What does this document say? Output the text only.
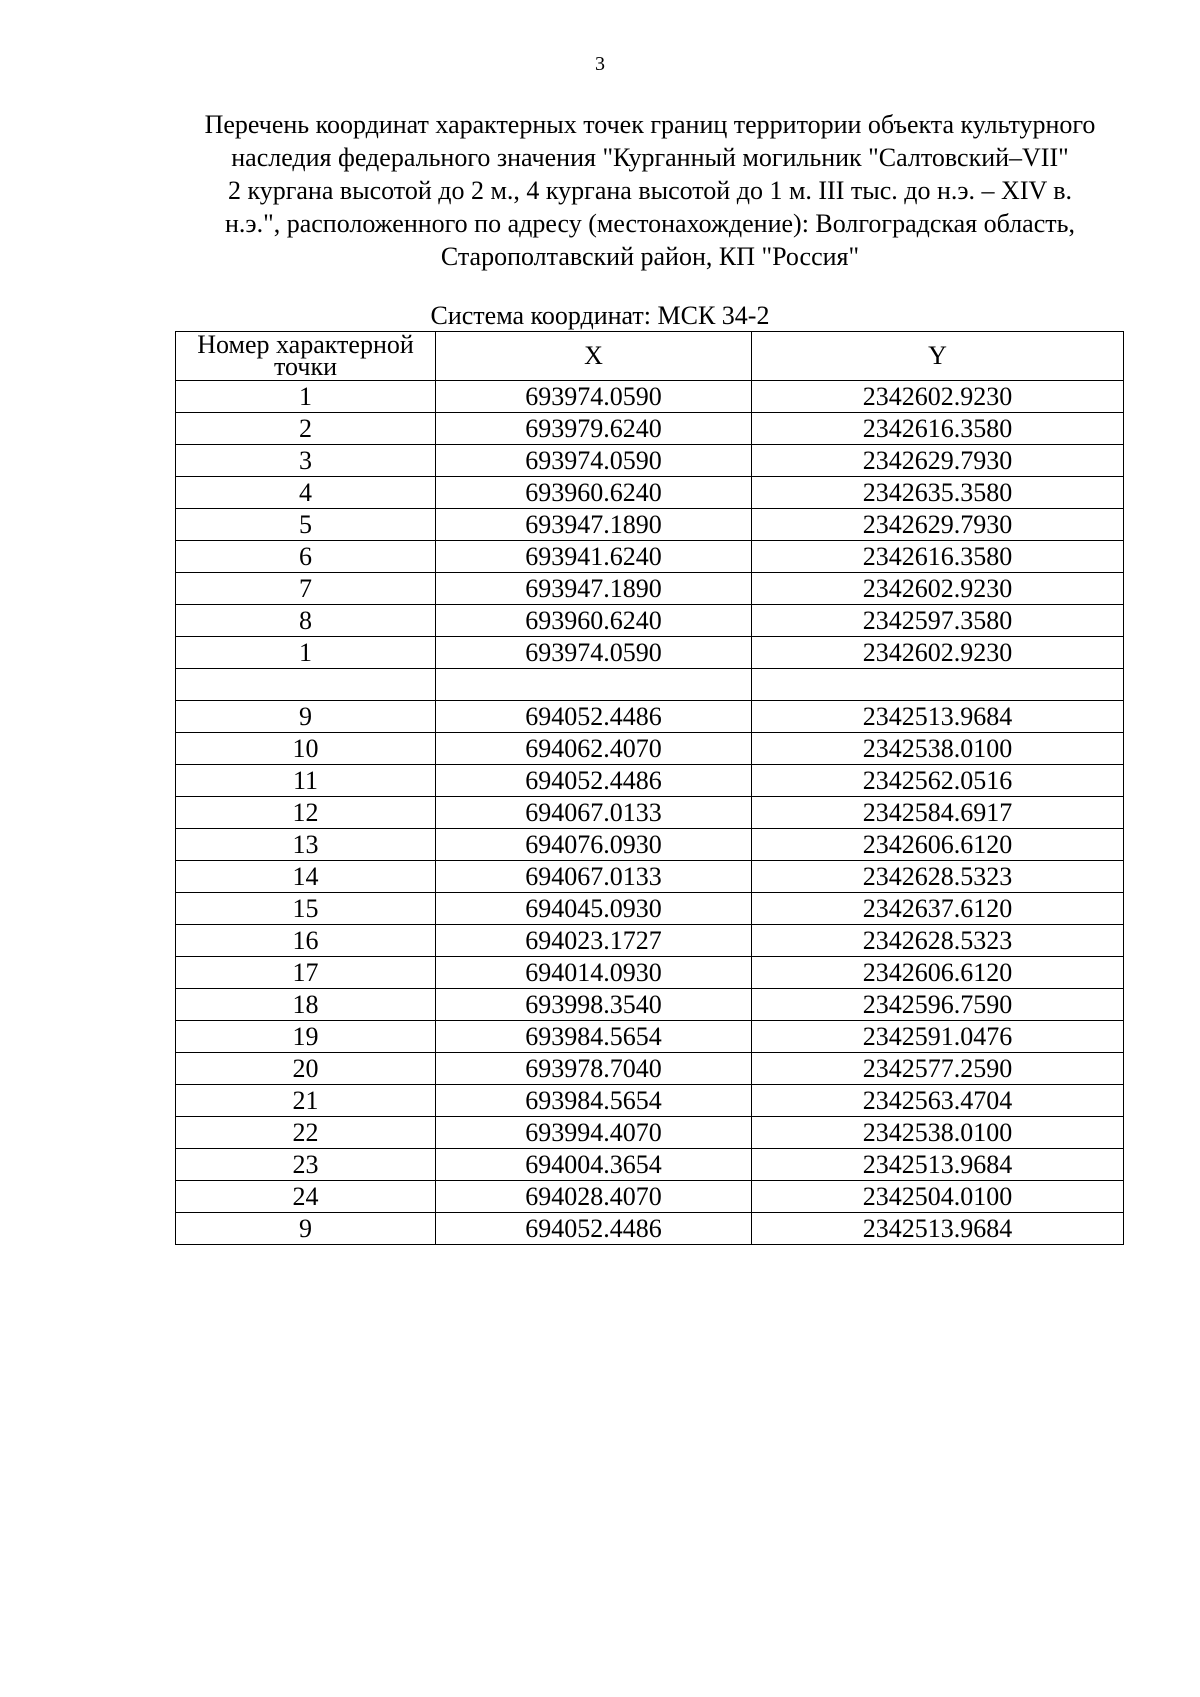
3
Перечень координат характерных точек границ территории объекта культурного
наследия федерального значения "Курганный могильник "Салтовский–VII"
2 кургана высотой до 2 м., 4 кургана высотой до 1 м. III тыс. до н.э. – XIV в.
н.э.", расположенного по адресу (местонахождение): Волгоградская область,
Старополтавский район, КП "Россия"
Система координат: МСК 34-2
Номер характерной точки	X	Y
1	693974.0590	2342602.9230
2	693979.6240	2342616.3580
3	693974.0590	2342629.7930
4	693960.6240	2342635.3580
5	693947.1890	2342629.7930
6	693941.6240	2342616.3580
7	693947.1890	2342602.9230
8	693960.6240	2342597.3580
1	693974.0590	2342602.9230

9	694052.4486	2342513.9684
10	694062.4070	2342538.0100
11	694052.4486	2342562.0516
12	694067.0133	2342584.6917
13	694076.0930	2342606.6120
14	694067.0133	2342628.5323
15	694045.0930	2342637.6120
16	694023.1727	2342628.5323
17	694014.0930	2342606.6120
18	693998.3540	2342596.7590
19	693984.5654	2342591.0476
20	693978.7040	2342577.2590
21	693984.5654	2342563.4704
22	693994.4070	2342538.0100
23	694004.3654	2342513.9684
24	694028.4070	2342504.0100
9	694052.4486	2342513.9684
